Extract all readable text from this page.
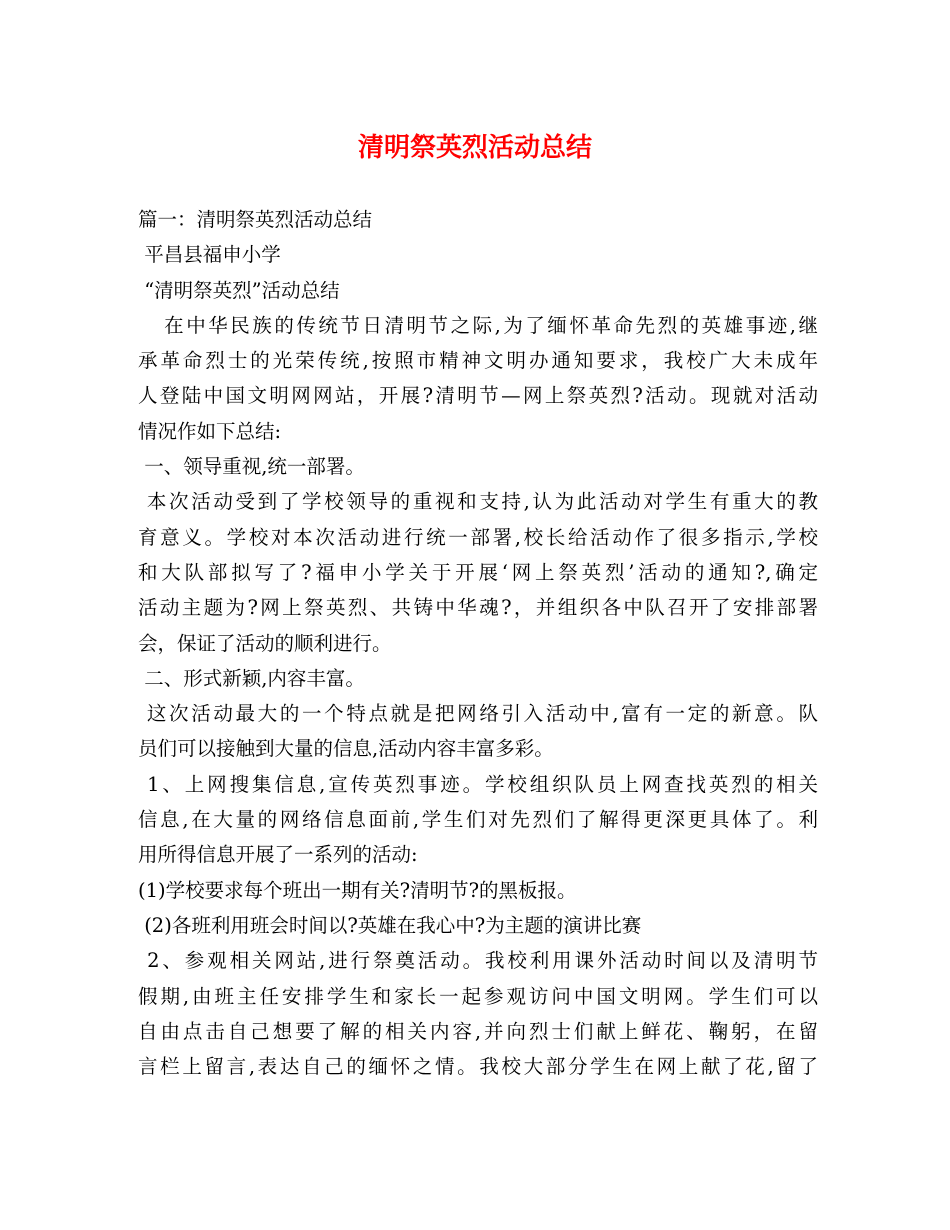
清明祭英烈活动总结
篇一：清明祭英烈活动总结
平昌县福申小学
“清明祭英烈”活动总结
在中华民族的传统节日清明节之际,为了缅怀革命先烈的英雄事迹,继
承革命烈士的光荣传统,按照市精神文明办通知要求，我校广大未成年
人登陆中国文明网网站，开展?清明节—网上祭英烈?活动。现就对活动
情况作如下总结:
一、领导重视,统一部署。
本次活动受到了学校领导的重视和支持,认为此活动对学生有重大的教
育意义。学校对本次活动进行统一部署,校长给活动作了很多指示,学校
和大队部拟写了?福申小学关于开展‘网上祭英烈’活动的通知?,确定
活动主题为?网上祭英烈、共铸中华魂?，并组织各中队召开了安排部署
会，保证了活动的顺利进行。
二、形式新颖,内容丰富。
这次活动最大的一个特点就是把网络引入活动中,富有一定的新意。队
员们可以接触到大量的信息,活动内容丰富多彩。
1、上网搜集信息,宣传英烈事迹。学校组织队员上网查找英烈的相关
信息,在大量的网络信息面前,学生们对先烈们了解得更深更具体了。利
用所得信息开展了一系列的活动:
(1)学校要求每个班出一期有关?清明节?的黑板报。
(2)各班利用班会时间以?英雄在我心中?为主题的演讲比赛
2、参观相关网站,进行祭奠活动。我校利用课外活动时间以及清明节
假期,由班主任安排学生和家长一起参观访问中国文明网。学生们可以
自由点击自己想要了解的相关内容,并向烈士们献上鲜花、鞠躬，在留
言栏上留言,表达自己的缅怀之情。我校大部分学生在网上献了花,留了
